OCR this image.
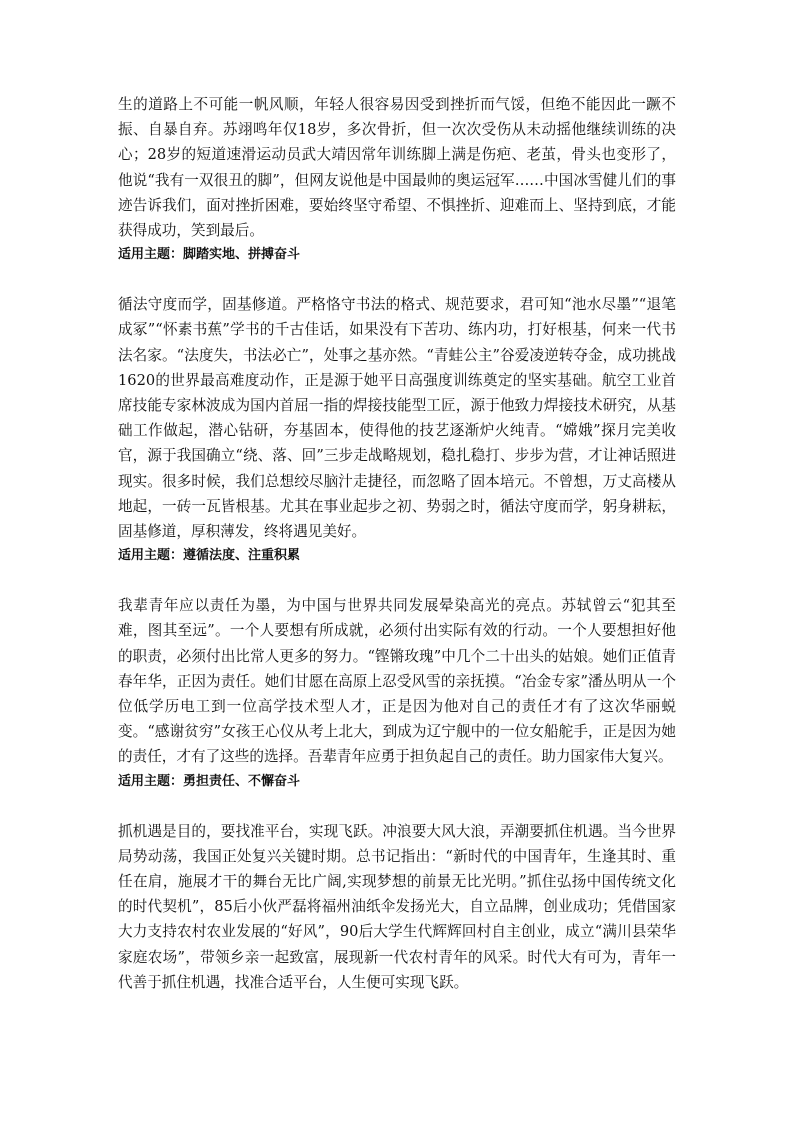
生的道路上不可能一帆风顺，年轻人很容易因受到挫折而气馁，但绝不能因此一蹶不振、自暴自弃。苏翊鸣年仅18岁，多次骨折，但一次次受伤从未动摇他继续训练的决心；28岁的短道速滑运动员武大靖因常年训练脚上满是伤疤、老茧，骨头也变形了，他说“我有一双很丑的脚”，但网友说他是中国最帅的奥运冠军……中国冰雪健儿们的事迹告诉我们，面对挫折困难，要始终坚守希望、不惧挫折、迎难而上、坚持到底，才能获得成功，笑到最后。

适用主题：脚踏实地、拼搏奋斗

循法守度而学，固基修道。严格恪守书法的格式、规范要求，君可知“池水尽墨”“退笔成冢”“怀素书蕉”学书的千古佳话，如果没有下苦功、练内功，打好根基，何来一代书法名家。“法度失，书法必亡”，处事之基亦然。“青蛙公主”谷爱凌逆转夺金，成功挑战1620的世界最高难度动作，正是源于她平日高强度训练奠定的坚实基础。航空工业首席技能专家林波成为国内首屈一指的焊接技能型工匠，源于他致力焊接技术研究，从基础工作做起，潜心钻研，夯基固本，使得他的技艺逐渐炉火纯青。“嫦娥”探月完美收官，源于我国确立“绕、落、回”三步走战略规划，稳扎稳打、步步为营，才让神话照进现实。很多时候，我们总想绞尽脑汁走捷径，而忽略了固本培元。不曾想，万丈高楼从地起，一砖一瓦皆根基。尤其在事业起步之初、势弱之时，循法守度而学，躬身耕耘，固基修道，厚积薄发，终将遇见美好。

适用主题：遵循法度、注重积累

我辈青年应以责任为墨，为中国与世界共同发展晕染高光的亮点。苏轼曾云“犯其至难，图其至远”。一个人要想有所成就，必须付出实际有效的行动。一个人要想担好他的职责，必须付出比常人更多的努力。“铿锵玫瑰”中几个二十出头的姑娘。她们正值青春年华，正因为责任。她们甘愿在高原上忍受风雪的亲抚摸。“冶金专家”潘丛明从一个位低学历电工到一位高学技术型人才，正是因为他对自己的责任才有了这次华丽蜕变。“感谢贫穷”女孩王心仪从考上北大，到成为辽宁舰中的一位女船舵手，正是因为她的责任，才有了这些的选择。吾辈青年应勇于担负起自己的责任。助力国家伟大复兴。

适用主题：勇担责任、不懈奋斗

抓机遇是目的，要找准平台，实现飞跃。冲浪要大风大浪，弄潮要抓住机遇。当今世界局势动荡，我国正处复兴关键时期。总书记指出：“新时代的中国青年，生逢其时、重任在肩，施展才干的舞台无比广阔,实现梦想的前景无比光明。”抓住弘扬中国传统文化的时代契机”，85后小伙严磊将福州油纸伞发扬光大，自立品牌，创业成功；凭借国家大力支持农村农业发展的“好风”，90后大学生代辉辉回村自主创业，成立“满川县荣华家庭农场”，带领乡亲一起致富，展现新一代农村青年的风采。时代大有可为，青年一代善于抓住机遇，找准合适平台，人生便可实现飞跃。
